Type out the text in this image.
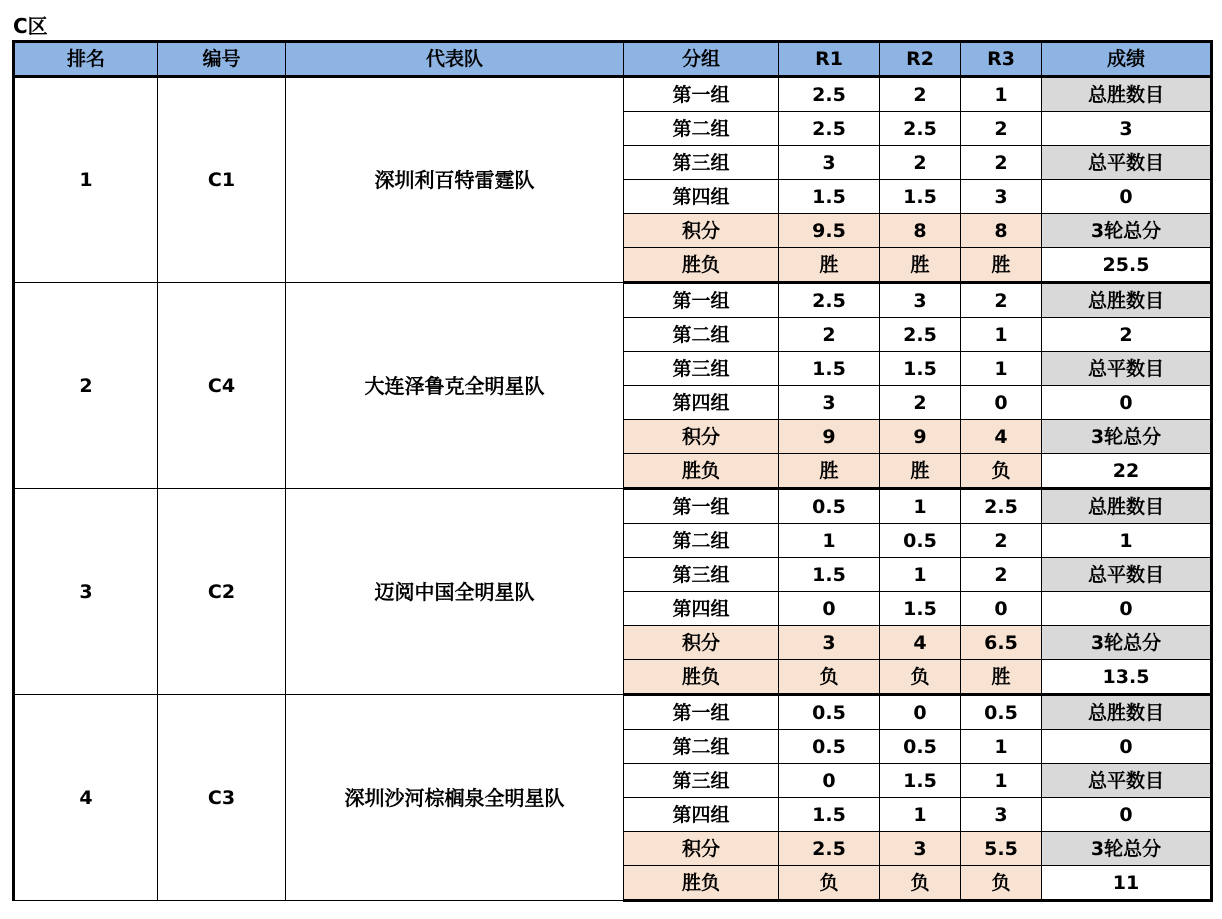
C区
排名	编号	代表队	分组	R1	R2	R3	成绩
1	C1	深圳利百特雷霆队	第一组	2.5	2	1	总胜数目
			第二组	2.5	2.5	2	3
			第三组	3	2	2	总平数目
			第四组	1.5	1.5	3	0
			积分	9.5	8	8	3轮总分
			胜负	胜	胜	胜	25.5
2	C4	大连泽鲁克全明星队	第一组	2.5	3	2	总胜数目
			第二组	2	2.5	1	2
			第三组	1.5	1.5	1	总平数目
			第四组	3	2	0	0
			积分	9	9	4	3轮总分
			胜负	胜	胜	负	22
3	C2	迈阅中国全明星队	第一组	0.5	1	2.5	总胜数目
			第二组	1	0.5	2	1
			第三组	1.5	1	2	总平数目
			第四组	0	1.5	0	0
			积分	3	4	6.5	3轮总分
			胜负	负	负	胜	13.5
4	C3	深圳沙河棕榈泉全明星队	第一组	0.5	0	0.5	总胜数目
			第二组	0.5	0.5	1	0
			第三组	0	1.5	1	总平数目
			第四组	1.5	1	3	0
			积分	2.5	3	5.5	3轮总分
			胜负	负	负	负	11
